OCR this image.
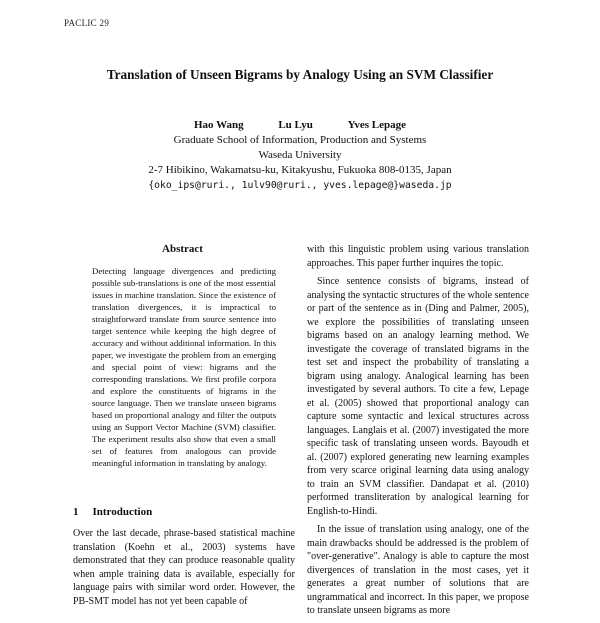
PACLIC 29
Translation of Unseen Bigrams by Analogy Using an SVM Classifier
Hao Wang	Lu Lyu	Yves Lepage
Graduate School of Information, Production and Systems
Waseda University
2-7 Hibikino, Wakamatsu-ku, Kitakyushu, Fukuoka 808-0135, Japan
{oko_ips@ruri., 1ulv90@ruri., yves.lepage@}waseda.jp
Abstract

Detecting language divergences and predicting possible sub-translations is one of the most essential issues in machine translation. Since the existence of translation divergences, it is impractical to straightforward translate from source sentence into target sentence while keeping the high degree of accuracy and without additional information. In this paper, we investigate the problem from an emerging and special point of view: bigrams and the corresponding translations. We first profile corpora and explore the constituents of bigrams in the source language. Then we translate unseen bigrams based on proportional analogy and filter the outputs using an Support Vector Machine (SVM) classifier. The experiment results also show that even a small set of features from analogous can provide meaningful information in translating by analogy.

1 Introduction

Over the last decade, phrase-based statistical machine translation (Koehn et al., 2003) systems have demonstrated that they can produce reasonable quality when ample training data is available, especially for language pairs with similar word order. However, the PB-SMT model has not yet been capable of

with this linguistic problem using various translation approaches. This paper further inquires the topic.

Since sentence consists of bigrams, instead of analysing the syntactic structures of the whole sentence or part of the sentence as in (Ding and Palmer, 2005), we explore the possibilities of translating unseen bigrams based on an analogy learning method. We investigate the coverage of translated bigrams in the test set and inspect the probability of translating a bigram using analogy. Analogical learning has been investigated by several authors. To cite a few, Lepage et al. (2005) showed that proportional analogy can capture some syntactic and lexical structures across languages. Langlais et al. (2007) investigated the more specific task of translating unseen words. Bayoudh et al. (2007) explored generating new learning examples from very scarce original learning data using analogy to train an SVM classifier. Dandapat et al. (2010) performed transliteration by analogical learning for English-to-Hindi.

In the issue of translation using analogy, one of the main drawbacks should be addressed is the problem of "over-generative". Analogy is able to capture the most divergences of translation in the most cases, yet it generates a great number of solutions that are ungrammatical and incorrect. In this paper, we propose to translate unseen bigrams as more
